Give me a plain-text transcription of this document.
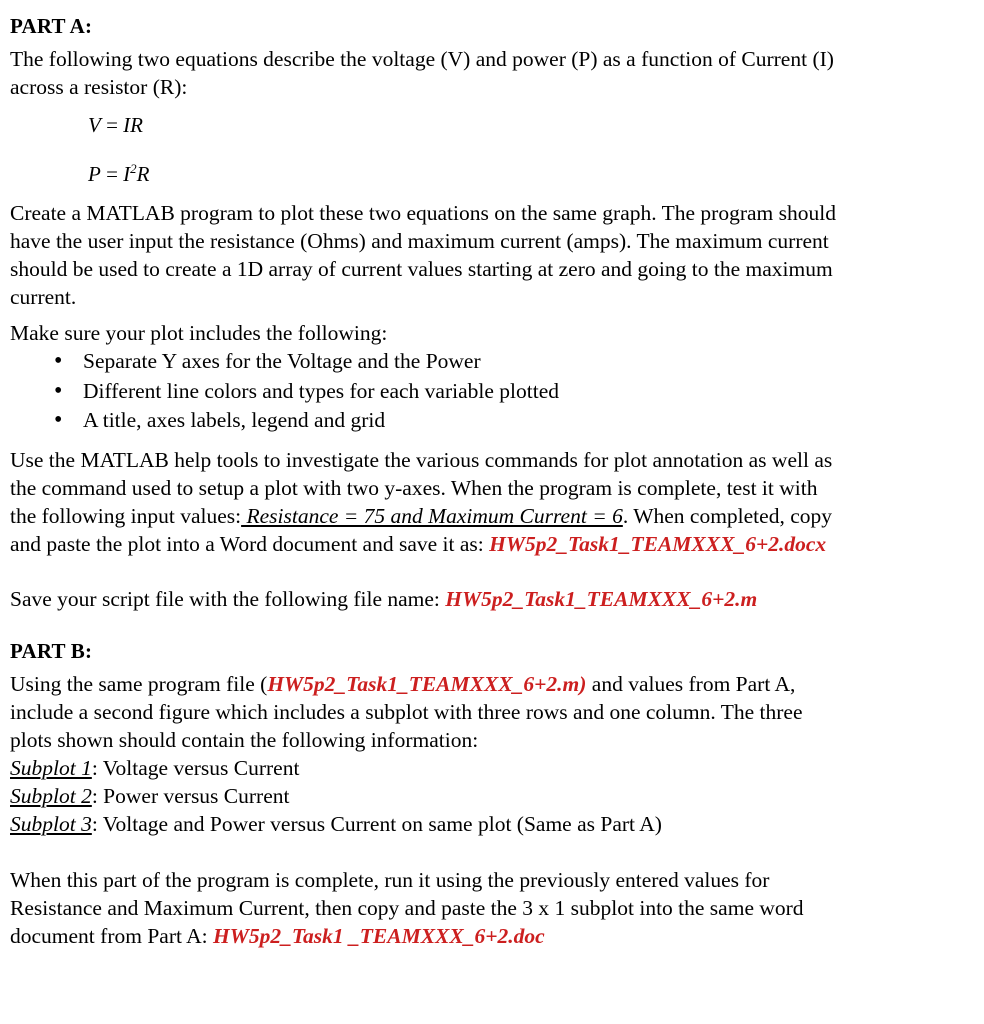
PART A:

The following two equations describe the voltage (V) and power (P) as a function of Current (I)
across a resistor (R):

V = IR
$P = I^2R$

Create a MATLAB program to plot these two equations on the same graph. The program should
have the user input the resistance (Ohms) and maximum current (amps). The maximum current
should be used to create a 1D array of current values starting at zero and going to the maximum
current.

Make sure your plot includes the following:

• Separate Y axes for the Voltage and the Power
• Different line colors and types for each variable plotted
• A title, axes labels, legend and grid

Use the MATLAB help tools to investigate the various commands for plot annotation as well as
the command used to setup a plot with two y-axes. When the program is complete, test it with
the following input values: Resistance = 75 and Maximum Current = 6. When completed, copy
and paste the plot into a Word document and save it as: HW5p2_Task1_TEAMXXX_6+2.docx

Save your script file with the following file name: HW5p2_Task1_TEAMXXX_6+2.m

PART B:

Using the same program file (HW5p2_Task1_TEAMXXX_6+2.m) and values from Part A,
include a second figure which includes a subplot with three rows and one column. The three
plots shown should contain the following information:
Subplot 1: Voltage versus Current
Subplot 2: Power versus Current
Subplot 3: Voltage and Power versus Current on same plot (Same as Part A)

When this part of the program is complete, run it using the previously entered values for
Resistance and Maximum Current, then copy and paste the 3 x 1 subplot into the same word
document from Part A: HW5p2_Task1 _TEAMXXX_6+2.doc
